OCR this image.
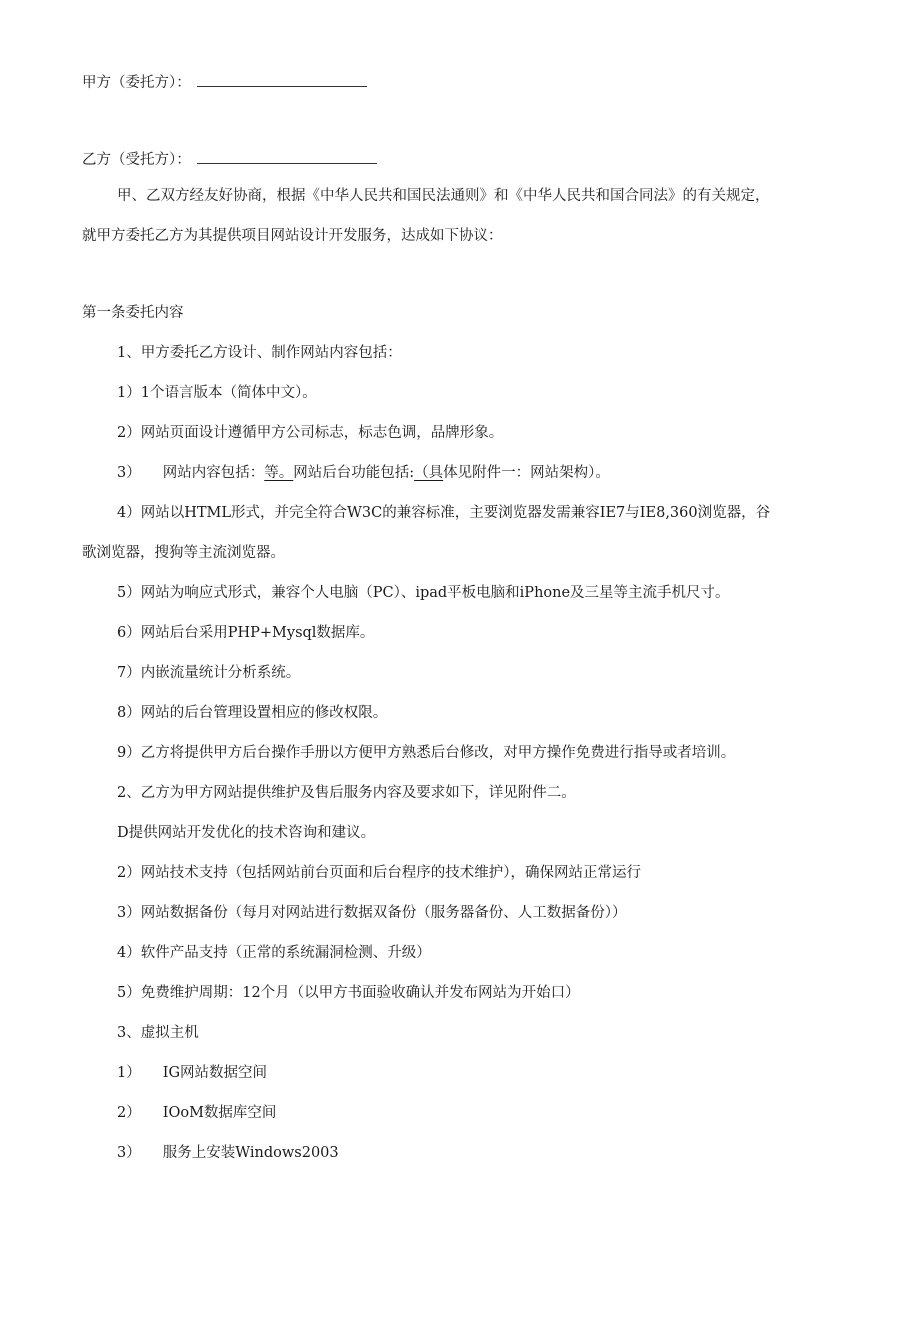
甲方（委托方）：
乙方（受托方）：
甲、乙双方经友好协商，根据《中华人民共和国民法通则》和《中华人民共和国合同法》的有关规定，
就甲方委托乙方为其提供项目网站设计开发服务，达成如下协议：
第一条委托内容
1、甲方委托乙方设计、制作网站内容包括：
1）1个语言版本（简体中文）。
2）网站页面设计遵循甲方公司标志，标志色调，品牌形象。
3） 网站内容包括：等。网站后台功能包括:（具体见附件一：网站架构）。
4）网站以HTML形式，并完全符合W3C的兼容标准，主要浏览器发需兼容IE7与IE8,360浏览器，谷
歌浏览器，搜狗等主流浏览器。
5）网站为响应式形式，兼容个人电脑（PC）、ipad平板电脑和iPhone及三星等主流手机尺寸。
6）网站后台采用PHP+Mysql数据库。
7）内嵌流量统计分析系统。
8）网站的后台管理设置相应的修改权限。
9）乙方将提供甲方后台操作手册以方便甲方熟悉后台修改，对甲方操作免费进行指导或者培训。
2、乙方为甲方网站提供维护及售后服务内容及要求如下，详见附件二。
D提供网站开发优化的技术咨询和建议。
2）网站技术支持（包括网站前台页面和后台程序的技术维护），确保网站正常运行
3）网站数据备份（每月对网站进行数据双备份（服务器备份、人工数据备份））
4）软件产品支持（正常的系统漏洞检测、升级）
5）免费维护周期：12个月（以甲方书面验收确认并发布网站为开始口）
3、虚拟主机
1） IG网站数据空间
2） IOoM数据库空间
3） 服务上安装Windows2003
